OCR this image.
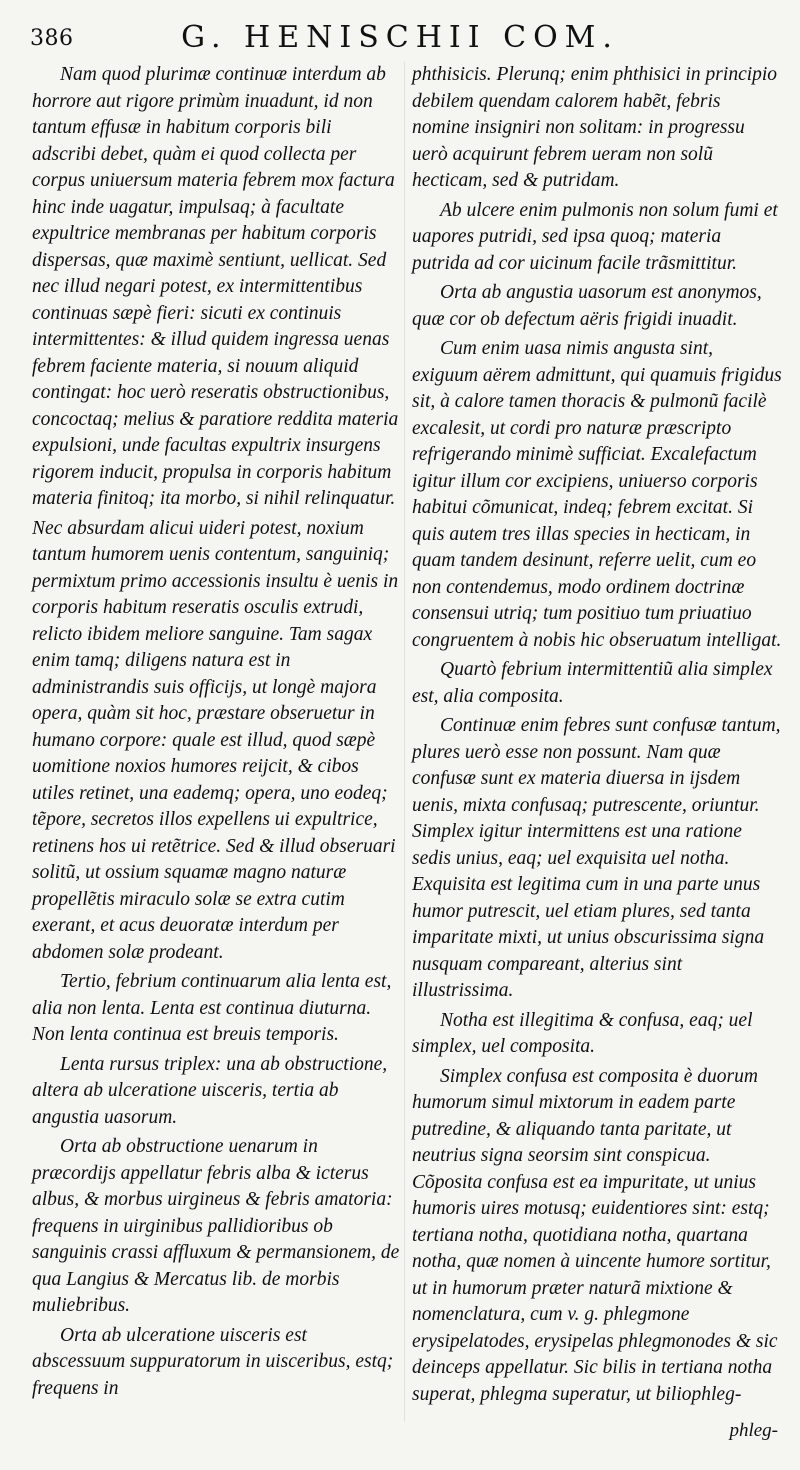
386	G. HENISCHII COM.

Nam quod plurimæ continuæ interdum ab horrore aut rigore primùm inuadunt, id non tantum effusæ in habitum corporis bili adscribi debet, quàm ei quod collecta per corpus uniuersum materia febrem mox factura hinc inde uagatur, impulsaq; à facultate expultrice membranas per habitum corporis dispersas, quæ maximè sentiunt, uellicat. Sed nec illud negari potest, ex intermittentibus continuas sæpè fieri: sicuti ex continuis intermittentes: & illud quidem ingressa uenas febrem faciente materia, si nouum aliquid contingat: hoc uerò reseratis obstructionibus, concoctaq; melius & paratiore reddita materia expulsioni, unde facultas expultrix insurgens rigorem inducit, propulsa in corporis habitum materia finitoq; ita morbo, si nihil relinquatur.

Nec absurdam alicui uideri potest, noxium tantum humorem uenis contentum, sanguiniq; permixtum primo accessionis insultu è uenis in corporis habitum reseratis osculis extrudi, relicto ibidem meliore sanguine. Tam sagax enim tamq; diligens natura est in administrandis suis officijs, ut longè majora opera, quàm sit hoc, præstare obseruetur in humano corpore: quale est illud, quod sæpè uomitione noxios humores reijcit, & cibos utiles retinet, una eademq; opera, uno eodeq; tẽpore, secretos illos expellens ui expultrice, retinens hos ui retẽtrice. Sed & illud obseruari solitũ, ut ossium squamæ magno naturæ propellẽtis miraculo solæ se extra cutim exerant, et acus deuoratæ interdum per abdomen solæ prodeant.

Tertio, febrium continuarum alia lenta est, alia non lenta. Lenta est continua diuturna. Non lenta continua est breuis temporis.

Lenta rursus triplex: una ab obstructione, altera ab ulceratione uisceris, tertia ab angustia uasorum.

Orta ab obstructione uenarum in præcordijs appellatur febris alba & icterus albus, & morbus uirgineus & febris amatoria: frequens in uirginibus pallidioribus ob sanguinis crassi affluxum & permansionem, de qua Langius & Mercatus lib. de morbis muliebribus.

Orta ab ulceratione uisceris est abscessuum suppuratorum in uisceribus, estq; frequens in

phthisicis. Plerunq; enim phthisici in principio debilem quendam calorem habẽt, febris nomine insigniri non solitam: in progressu uerò acquirunt febrem ueram non solũ hecticam, sed & putridam.

Ab ulcere enim pulmonis non solum fumi et uapores putridi, sed ipsa quoq; materia putrida ad cor uicinum facile trãsmittitur.

Orta ab angustia uasorum est anonymos, quæ cor ob defectum aëris frigidi inuadit.

Cum enim uasa nimis angusta sint, exiguum aërem admittunt, qui quamuis frigidus sit, à calore tamen thoracis & pulmonũ facilè excalesit, ut cordi pro naturæ præscripto refrigerando minimè sufficiat. Excalefactum igitur illum cor excipiens, uniuerso corporis habitui cõmunicat, indeq; febrem excitat. Si quis autem tres illas species in hecticam, in quam tandem desinunt, referre uelit, cum eo non contendemus, modo ordinem doctrinæ consensui utriq; tum positiuo tum priuatiuo congruentem à nobis hic obseruatum intelligat.

Quartò febrium intermittentiũ alia simplex est, alia composita.

Continuæ enim febres sunt confusæ tantum, plures uerò esse non possunt. Nam quæ confusæ sunt ex materia diuersa in ijsdem uenis, mixta confusaq; putrescente, oriuntur. Simplex igitur intermittens est una ratione sedis unius, eaq; uel exquisita uel notha. Exquisita est legitima cum in una parte unus humor putrescit, uel etiam plures, sed tanta imparitate mixti, ut unius obscurissima signa nusquam compareant, alterius sint illustrissima.

Notha est illegitima & confusa, eaq; uel simplex, uel composita.

Simplex confusa est composita è duorum humorum simul mixtorum in eadem parte putredine, & aliquando tanta paritate, ut neutrius signa seorsim sint conspicua. Cõposita confusa est ea impuritate, ut unius humoris uires motusq; euidentiores sint: estq; tertiana notha, quotidiana notha, quartana notha, quæ nomen à uincente humore sortitur, ut in humorum præter naturã mixtione & nomenclatura, cum v. g. phlegmone erysipelatodes, erysipelas phlegmonodes & sic deinceps appellatur. Sic bilis in tertiana notha superat, phlegma superatur, ut biliophleg-

phleg-
